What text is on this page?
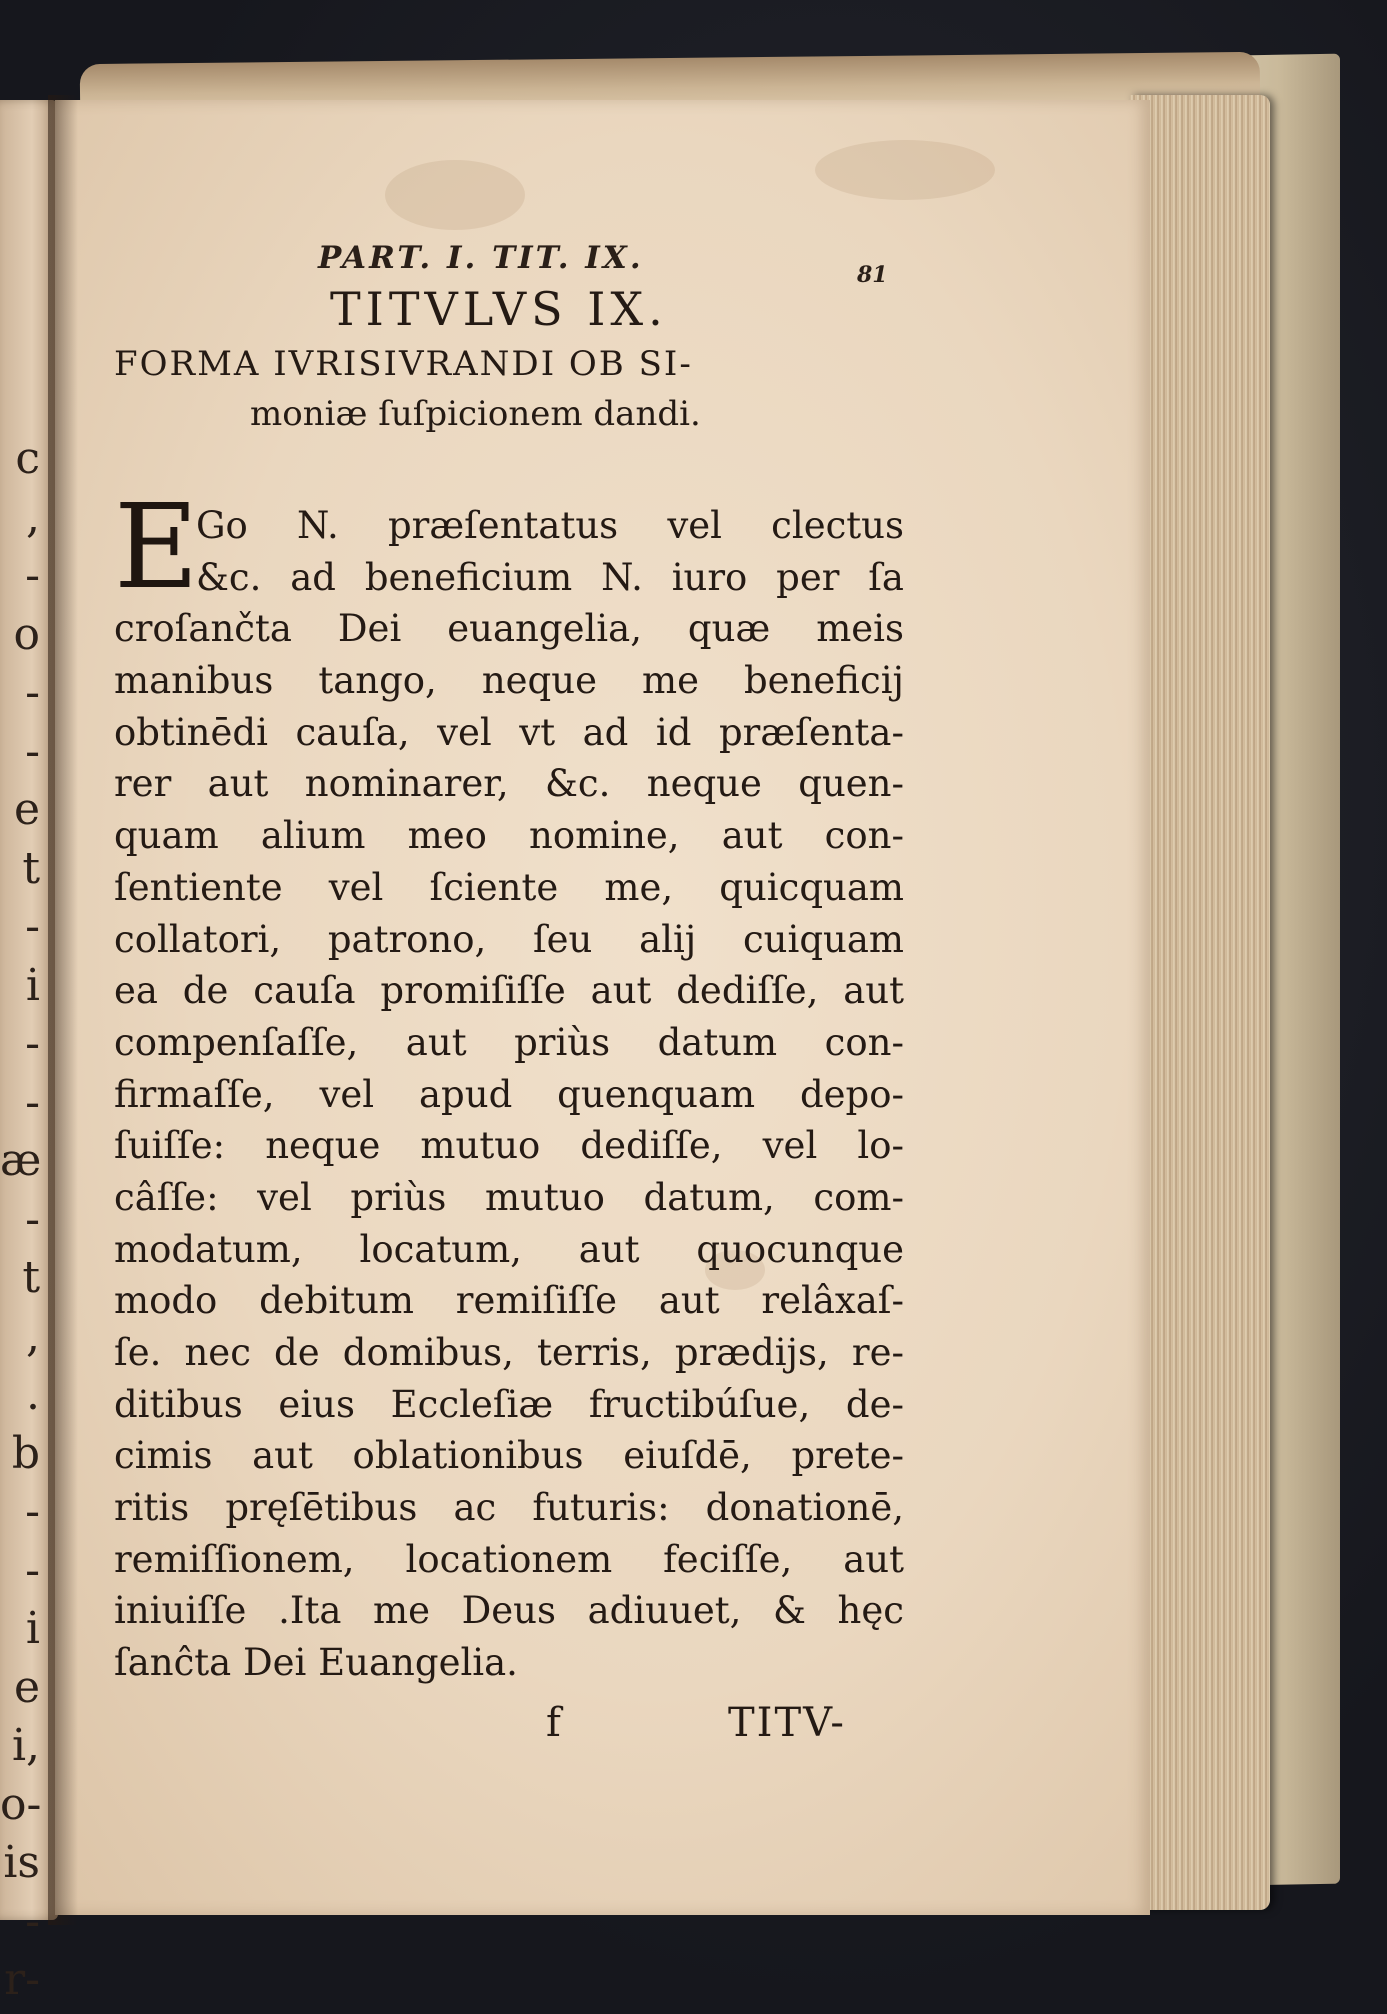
c
,
-
o
-
-
e
t
-
i
-
-
æ
-
t
,
.
b
-
-
i
e
i,
o-
is
-
r-
PART. I. TIT. IX.	81
TITVLVS IX.
FORMA IVRISIVRANDI OB SI-
moniæ ſuſpicionem dandi.
E
Go N. præſentatus vel clectus
&c. ad beneficium N. iuro per ſa
croſančta Dei euangelia, quæ meis
manibus tango, neque me beneficij
obtinēdi cauſa, vel vt ad id præſenta-
rer aut nominarer, &c. neque quen-
quam alium meo nomine, aut con-
ſentiente vel ſciente me, quicquam
collatori, patrono, ſeu alij cuiquam
ea de cauſa promiſiſſe aut dediſſe, aut
compenſaſſe, aut priùs datum con-
firmaſſe, vel apud quenquam depo-
ſuiſſe: neque mutuo dediſſe, vel lo-
câſſe: vel priùs mutuo datum, com-
modatum, locatum, aut quocunque
modo debitum remiſiſſe aut relâxaſ-
ſe. nec de domibus, terris, prædijs, re-
ditibus eius Eccleſiæ fructibúſue, de-
cimis aut oblationibus eiuſdē, prete-
ritis pręſētibus ac futuris: donationē,
remiſſionem, locationem feciſſe, aut
iniuiſſe .Ita me Deus adiuuet, & hęc
ſanĉta Dei Euangelia.
f	TITV-
